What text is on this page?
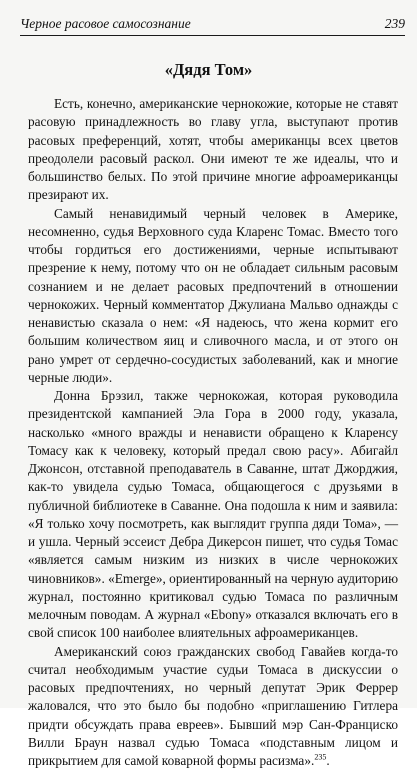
Черное расовое самосознание	239
«Дядя Том»

Есть, конечно, американские чернокожие, которые не ставят расовую принадлежность во главу угла, выступают против расовых преференций, хотят, чтобы американцы всех цветов преодолели расовый раскол. Они имеют те же идеалы, что и большинство белых. По этой причине многие афроамериканцы презирают их.

Самый ненавидимый черный человек в Америке, несомненно, судья Верховного суда Кларенс Томас. Вместо того чтобы гордиться его достижениями, черные испытывают презрение к нему, потому что он не обладает сильным расовым сознанием и не делает расовых предпочтений в отношении чернокожих. Черный комментатор Джулиана Мальво однажды с ненавистью сказала о нем: «Я надеюсь, что жена кормит его большим количеством яиц и сливочного масла, и от этого он рано умрет от сердечно-сосудистых заболеваний, как и многие черные люди».

Донна Брэзил, также чернокожая, которая руководила президентской кампанией Эла Гора в 2000 году, указала, насколько «много вражды и ненависти обращено к Кларенсу Томасу как к человеку, который предал свою расу». Абигайл Джонсон, отставной преподаватель в Саванне, штат Джорджия, как-то увидела судью Томаса, общающегося с друзьями в публичной библиотеке в Саванне. Она подошла к ним и заявила: «Я только хочу посмотреть, как выглядит группа дяди Тома», — и ушла. Черный эссеист Дебра Дикерсон пишет, что судья Томас «является самым низким из низких в числе чернокожих чиновников». «Emerge», ориентированный на черную аудиторию журнал, постоянно критиковал судью Томаса по различным мелочным поводам. А журнал «Ebony» отказался включать его в свой список 100 наиболее влиятельных афроамериканцев.

Американский союз гражданских свобод Гавайев когда-то считал необходимым участие судьи Томаса в дискуссии о расовых предпочтениях, но черный депутат Эрик Феррер жаловался, что это было бы подобно «приглашению Гитлера придти обсуждать права евреев». Бывший мэр Сан-Франциско Вилли Браун назвал судью Томаса «подставным лицом и прикрытием для самой коварной формы расизма».$^{235}$.
